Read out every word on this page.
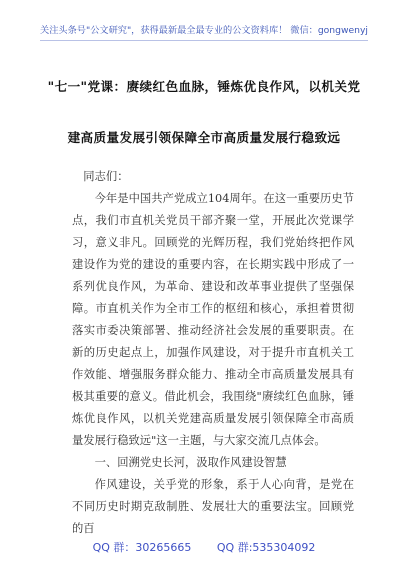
关注头条号"公文研究"，获得最新最全最专业的公文资料库！ 微信：gongwenyj
"七一"党课：赓续红色血脉，锤炼优良作风，以机关党
建高质量发展引领保障全市高质量发展行稳致远

同志们：

今年是中国共产党成立104周年。在这一重要历史节点，我们市直机关党员干部齐聚一堂，开展此次党课学习，意义非凡。回顾党的光辉历程，我们党始终把作风建设作为党的建设的重要内容，在长期实践中形成了一系列优良作风，为革命、建设和改革事业提供了坚强保障。市直机关作为全市工作的枢纽和核心，承担着贯彻落实市委决策部署、推动经济社会发展的重要职责。在新的历史起点上，加强作风建设，对于提升市直机关工作效能、增强服务群众能力、推动全市高质量发展具有极其重要的意义。借此机会，我围绕"赓续红色血脉，锤炼优良作风，以机关党建高质量发展引领保障全市高质量发展行稳致远"这一主题，与大家交流几点体会。

一、回溯党史长河，汲取作风建设智慧

作风建设，关乎党的形象，系于人心向背，是党在不同历史时期克敌制胜、发展壮大的重要法宝。回顾党的百

QQ 群：30265665 QQ 群:535304092
